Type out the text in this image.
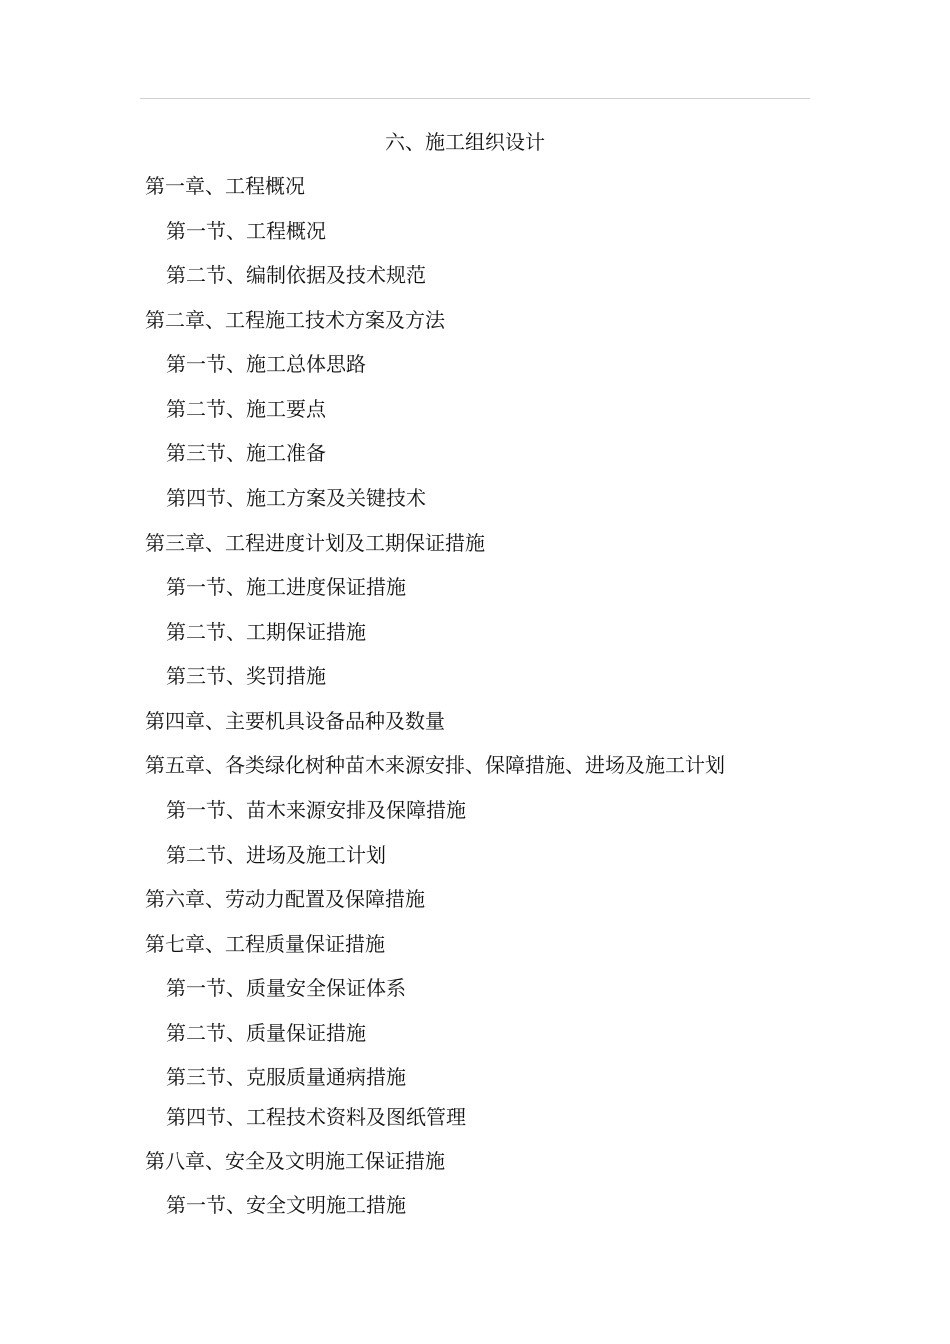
六、施工组织设计
第一章、工程概况
第一节、工程概况
第二节、编制依据及技术规范
第二章、工程施工技术方案及方法
第一节、施工总体思路
第二节、施工要点
第三节、施工准备
第四节、施工方案及关键技术
第三章、工程进度计划及工期保证措施
第一节、施工进度保证措施
第二节、工期保证措施
第三节、奖罚措施
第四章、主要机具设备品种及数量
第五章、各类绿化树种苗木来源安排、保障措施、进场及施工计划
第一节、苗木来源安排及保障措施
第二节、进场及施工计划
第六章、劳动力配置及保障措施
第七章、工程质量保证措施
第一节、质量安全保证体系
第二节、质量保证措施
第三节、克服质量通病措施
第四节、工程技术资料及图纸管理
第八章、安全及文明施工保证措施
第一节、安全文明施工措施
